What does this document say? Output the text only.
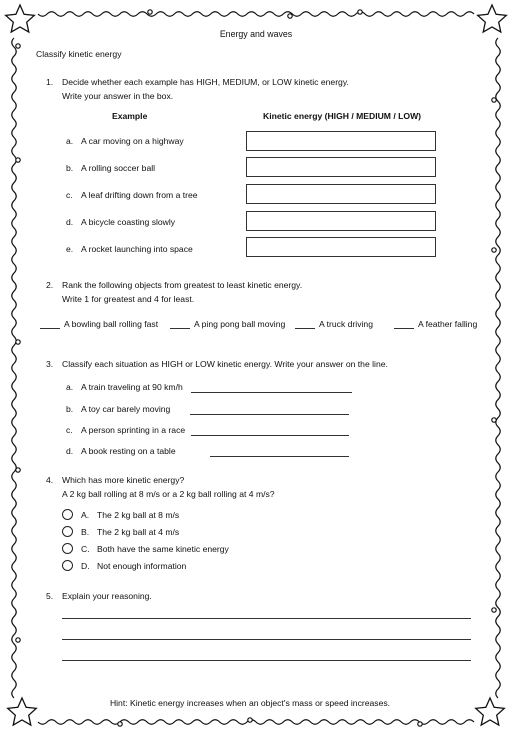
Energy and waves
Classify kinetic energy
1. Decide whether each example has HIGH, MEDIUM, or LOW kinetic energy.
Write your answer in the box.
Example	Kinetic energy (HIGH / MEDIUM / LOW)
a. A car moving on a highway
b. A rolling soccer ball
c. A leaf drifting down from a tree
d. A bicycle coasting slowly
e. A rocket launching into space
2. Rank the following objects from greatest to least kinetic energy.
Write 1 for greatest and 4 for least.
A bowling ball rolling fast	A ping pong ball moving	A truck driving	A feather falling
3. Classify each situation as HIGH or LOW kinetic energy. Write your answer on the line.
a. A train traveling at 90 km/h
b. A toy car barely moving
c. A person sprinting in a race
d. A book resting on a table
4. Which has more kinetic energy?
A 2 kg ball rolling at 8 m/s or a 2 kg ball rolling at 4 m/s?
A. The 2 kg ball at 8 m/s
B. The 2 kg ball at 4 m/s
C. Both have the same kinetic energy
D. Not enough information
5. Explain your reasoning.
Hint: Kinetic energy increases when an object's mass or speed increases.
